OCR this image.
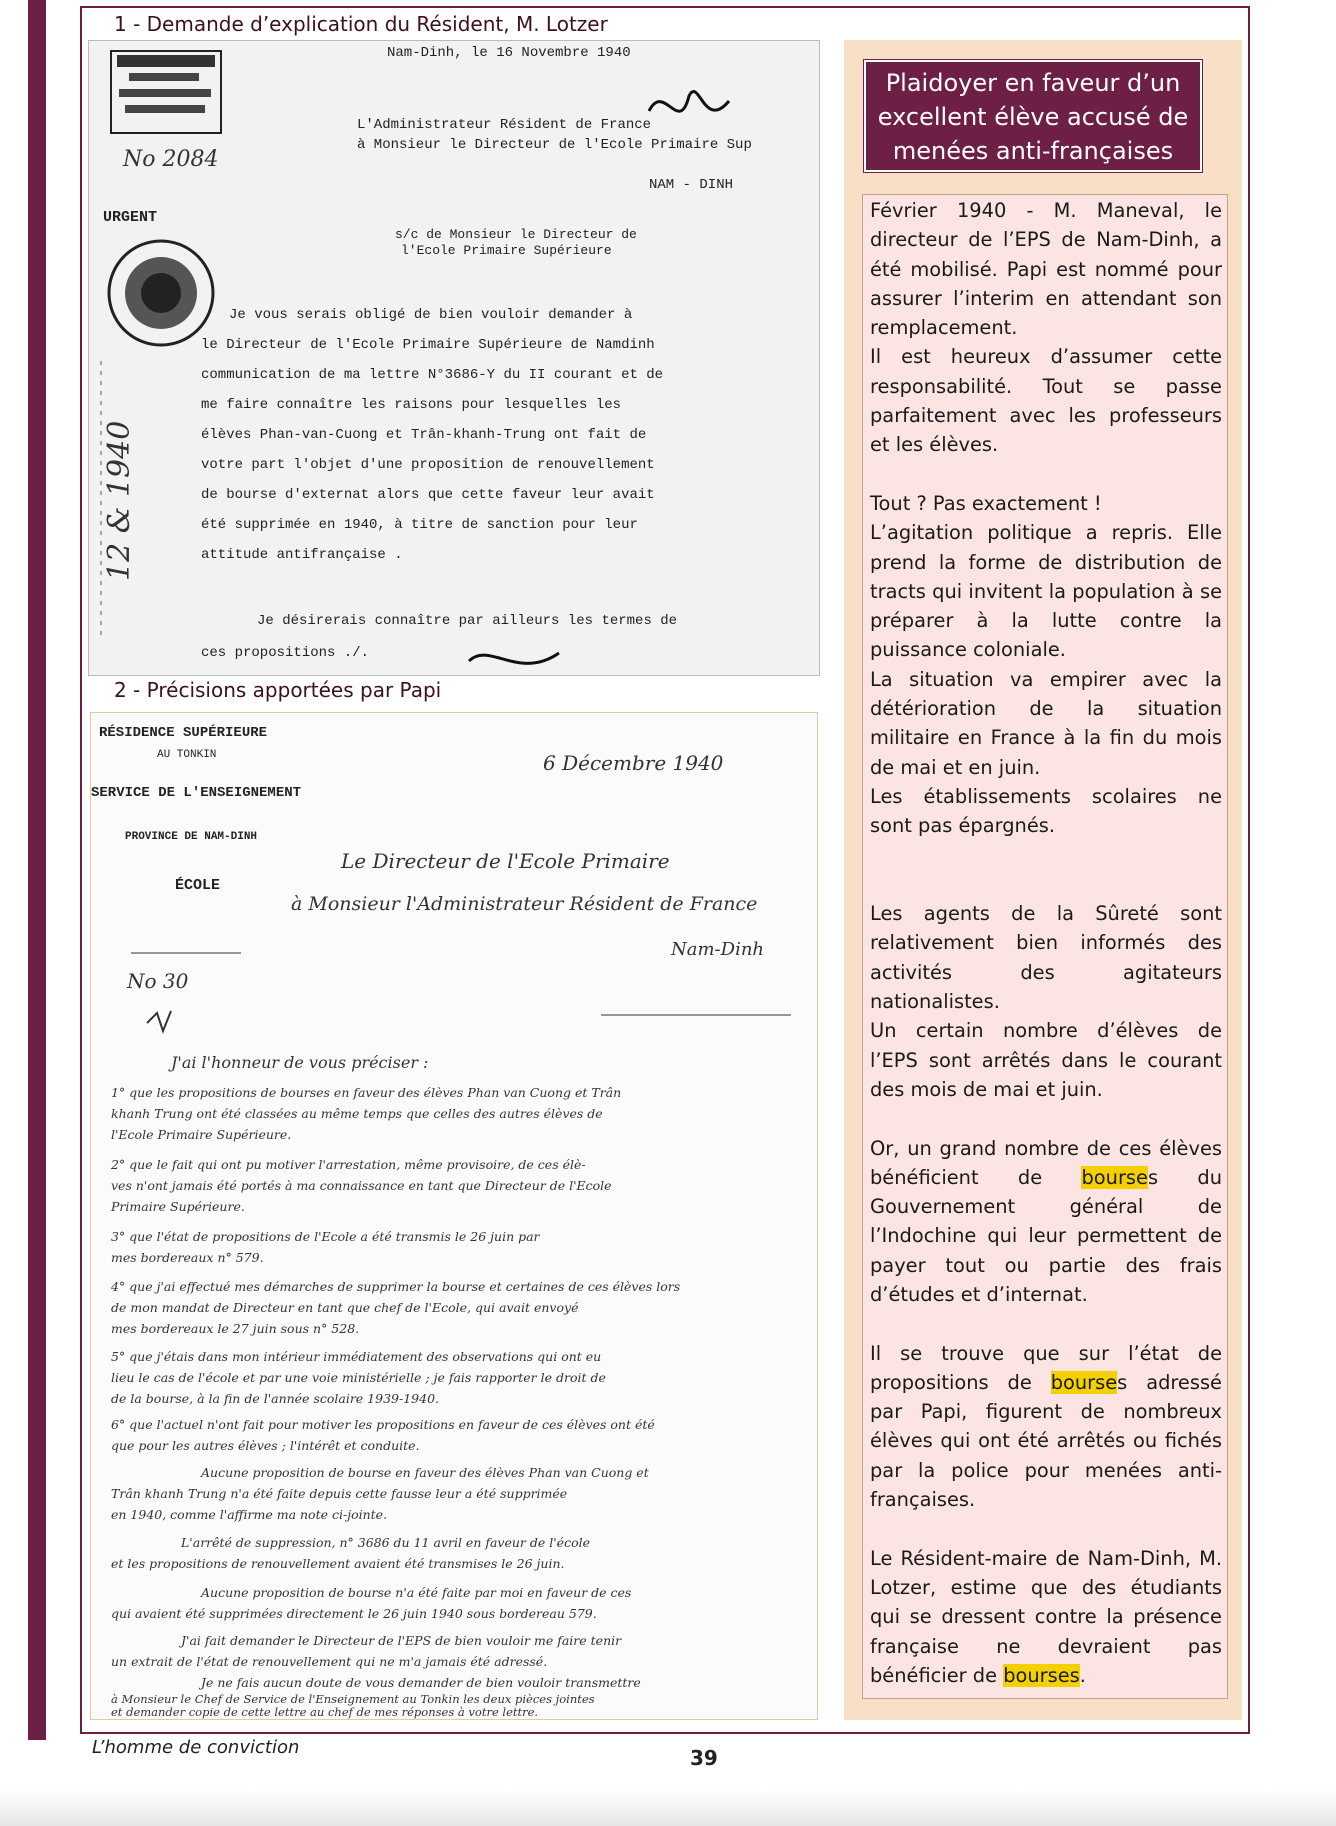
1 - Demande d’explication du Résident, M. Lotzer
12 & 1940
Nam-Dinh, le 16 Novembre 1940
L'Administrateur Résident de France
à Monsieur le Directeur de l'Ecole Primaire Sup
NAM - DINH
No 2084
URGENT
s/c de Monsieur le Directeur de
l'Ecole Primaire Supérieure
Je vous serais obligé de bien vouloir demander à
le Directeur de l'Ecole Primaire Supérieure de Namdinh
communication de ma lettre N°3686-Y du II courant et de
me faire connaître les raisons pour lesquelles les
élèves Phan-van-Cuong et Trân-khanh-Trung ont fait de
votre part l'objet d'une proposition de renouvellement
de bourse d'externat alors que cette faveur leur avait
été supprimée en 1940, à titre de sanction pour leur
attitude antifrançaise .
Je désirerais connaître par ailleurs les termes de
ces propositions ./.
2 - Précisions apportées par Papi
RÉSIDENCE SUPÉRIEURE
AU TONKIN
SERVICE DE L'ENSEIGNEMENT
PROVINCE DE NAM-DINH
ÉCOLE
6 Décembre 1940
Le Directeur de l'Ecole Primaire
à Monsieur l'Administrateur Résident de France
Nam-Dinh
No 30
J'ai l'honneur de vous préciser :
1° que les propositions de bourses en faveur des élèves Phan van Cuong et Trân
khanh Trung ont été classées au même temps que celles des autres élèves de
l'Ecole Primaire Supérieure.
2° que le fait qui ont pu motiver l'arrestation, même provisoire, de ces élè-
ves n'ont jamais été portés à ma connaissance en tant que Directeur de l'Ecole
Primaire Supérieure.
3° que l'état de propositions de l'Ecole a été transmis le 26 juin par
mes bordereaux n° 579.
4° que j'ai effectué mes démarches de supprimer la bourse et certaines de ces élèves lors
de mon mandat de Directeur en tant que chef de l'Ecole, qui avait envoyé
mes bordereaux le 27 juin sous n° 528.
5° que j'étais dans mon intérieur immédiatement des observations qui ont eu
lieu le cas de l'école et par une voie ministérielle ; je fais rapporter le droit de
de la bourse, à la fin de l'année scolaire 1939-1940.
6° que l'actuel n'ont fait pour motiver les propositions en faveur de ces élèves ont été
que pour les autres élèves ; l'intérêt et conduite.
Aucune proposition de bourse en faveur des élèves Phan van Cuong et
Trân khanh Trung n'a été faite depuis cette fausse leur a été supprimée
en 1940, comme l'affirme ma note ci-jointe.
L'arrêté de suppression, n° 3686 du 11 avril en faveur de l'école
et les propositions de renouvellement avaient été transmises le 26 juin.
Aucune proposition de bourse n'a été faite par moi en faveur de ces
qui avaient été supprimées directement le 26 juin 1940 sous bordereau 579.
J'ai fait demander le Directeur de l'EPS de bien vouloir me faire tenir
un extrait de l'état de renouvellement qui ne m'a jamais été adressé.
Je ne fais aucun doute de vous demander de bien vouloir transmettre
à Monsieur le Chef de Service de l'Enseignement au Tonkin les deux pièces jointes
et demander copie de cette lettre au chef de mes réponses à votre lettre.
Plaidoyer en faveur d’un
excellent élève accusé de
menées anti-françaises

Février 1940 - M. Maneval, le directeur de l’EPS de Nam-Dinh, a été mobilisé. Papi est nommé pour assurer l’interim en attendant son remplacement.

Il est heureux d’assumer cette responsabilité. Tout se passe parfaitement avec les professeurs et les élèves.

Tout ? Pas exactement !

L’agitation politique a repris. Elle prend la forme de distribution de tracts qui invitent la population à se préparer à la lutte contre la puissance coloniale.

La situation va empirer avec la détérioration de la situation militaire en France à la fin du mois de mai et en juin.

Les établissements scolaires ne sont pas épargnés.

Les agents de la Sûreté sont relativement bien informés des activités des agitateurs nationalistes.

Un certain nombre d’élèves de l’EPS sont arrêtés dans le courant des mois de mai et juin.

Or, un grand nombre de ces élèves bénéficient de bourses du Gouvernement général de l’Indochine qui leur permettent de payer tout ou partie des frais d’études et d’internat.

Il se trouve que sur l’état de propositions de bourses adressé par Papi, figurent de nombreux élèves qui ont été arrêtés ou fichés par la police pour menées anti-françaises.

Le Résident-maire de Nam-Dinh, M. Lotzer, estime que des étudiants qui se dressent contre la présence française ne devraient pas bénéficier de bourses.

L’homme de conviction	39
